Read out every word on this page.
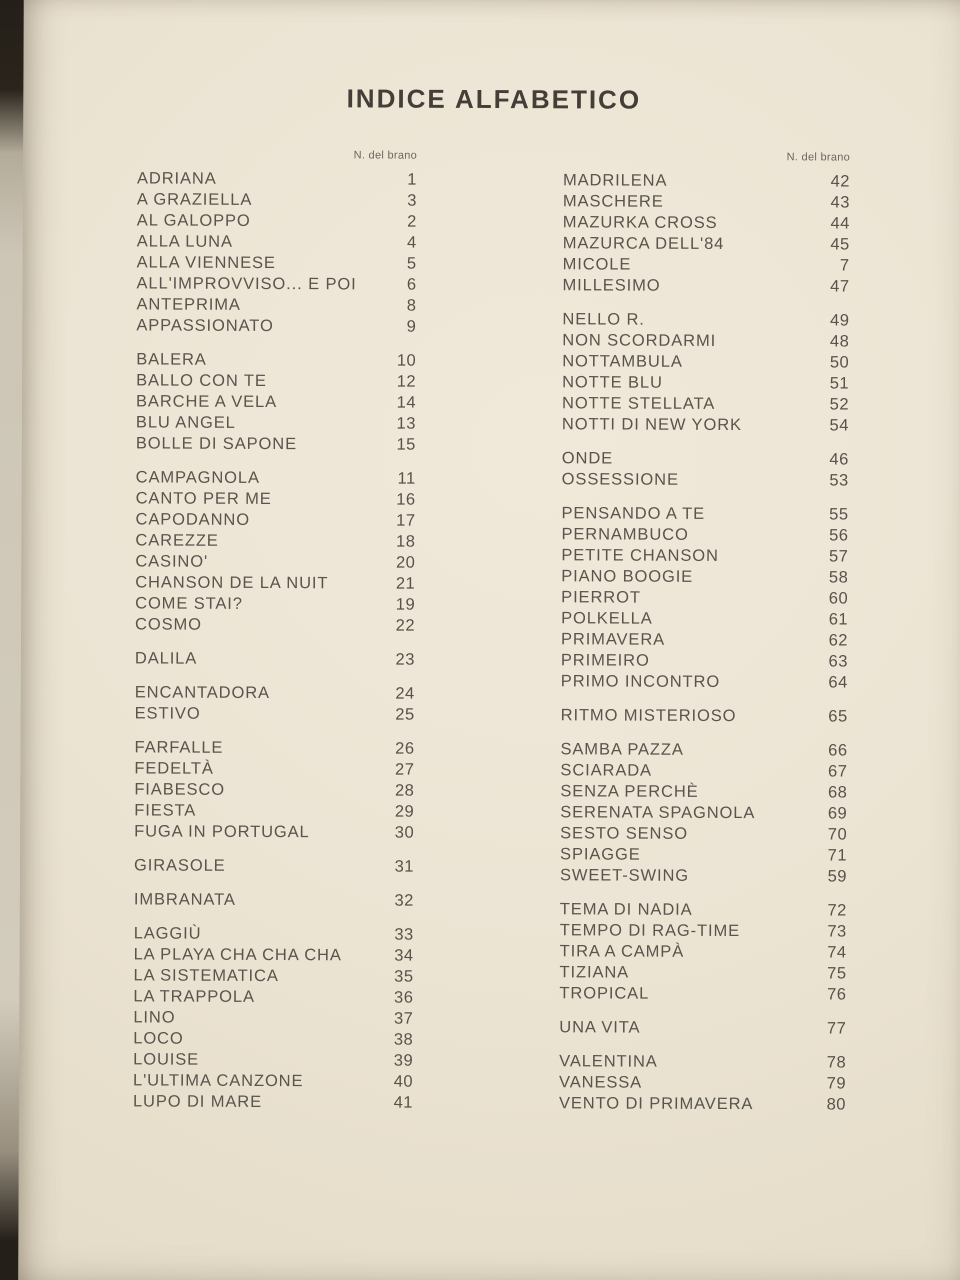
INDICE ALFABETICO
N. del brano
ADRIANA	1
A GRAZIELLA	3
AL GALOPPO	2
ALLA LUNA	4
ALLA VIENNESE	5
ALL'IMPROVVISO... E POI	6
ANTEPRIMA	8
APPASSIONATO	9
BALERA	10
BALLO CON TE	12
BARCHE A VELA	14
BLU ANGEL	13
BOLLE DI SAPONE	15
CAMPAGNOLA	11
CANTO PER ME	16
CAPODANNO	17
CAREZZE	18
CASINO'	20
CHANSON DE LA NUIT	21
COME STAI?	19
COSMO	22
DALILA	23
ENCANTADORA	24
ESTIVO	25
FARFALLE	26
FEDELTÀ	27
FIABESCO	28
FIESTA	29
FUGA IN PORTUGAL	30
GIRASOLE	31
IMBRANATA	32
LAGGIÙ	33
LA PLAYA CHA CHA CHA	34
LA SISTEMATICA	35
LA TRAPPOLA	36
LINO	37
LOCO	38
LOUISE	39
L'ULTIMA CANZONE	40
LUPO DI MARE	41
N. del brano
MADRILENA	42
MASCHERE	43
MAZURKA CROSS	44
MAZURCA DELL'84	45
MICOLE	7
MILLESIMO	47
NELLO R.	49
NON SCORDARMI	48
NOTTAMBULA	50
NOTTE BLU	51
NOTTE STELLATA	52
NOTTI DI NEW YORK	54
ONDE	46
OSSESSIONE	53
PENSANDO A TE	55
PERNAMBUCO	56
PETITE CHANSON	57
PIANO BOOGIE	58
PIERROT	60
POLKELLA	61
PRIMAVERA	62
PRIMEIRO	63
PRIMO INCONTRO	64
RITMO MISTERIOSO	65
SAMBA PAZZA	66
SCIARADA	67
SENZA PERCHÈ	68
SERENATA SPAGNOLA	69
SESTO SENSO	70
SPIAGGE	71
SWEET-SWING	59
TEMA DI NADIA	72
TEMPO DI RAG-TIME	73
TIRA A CAMPÀ	74
TIZIANA	75
TROPICAL	76
UNA VITA	77
VALENTINA	78
VANESSA	79
VENTO DI PRIMAVERA	80
